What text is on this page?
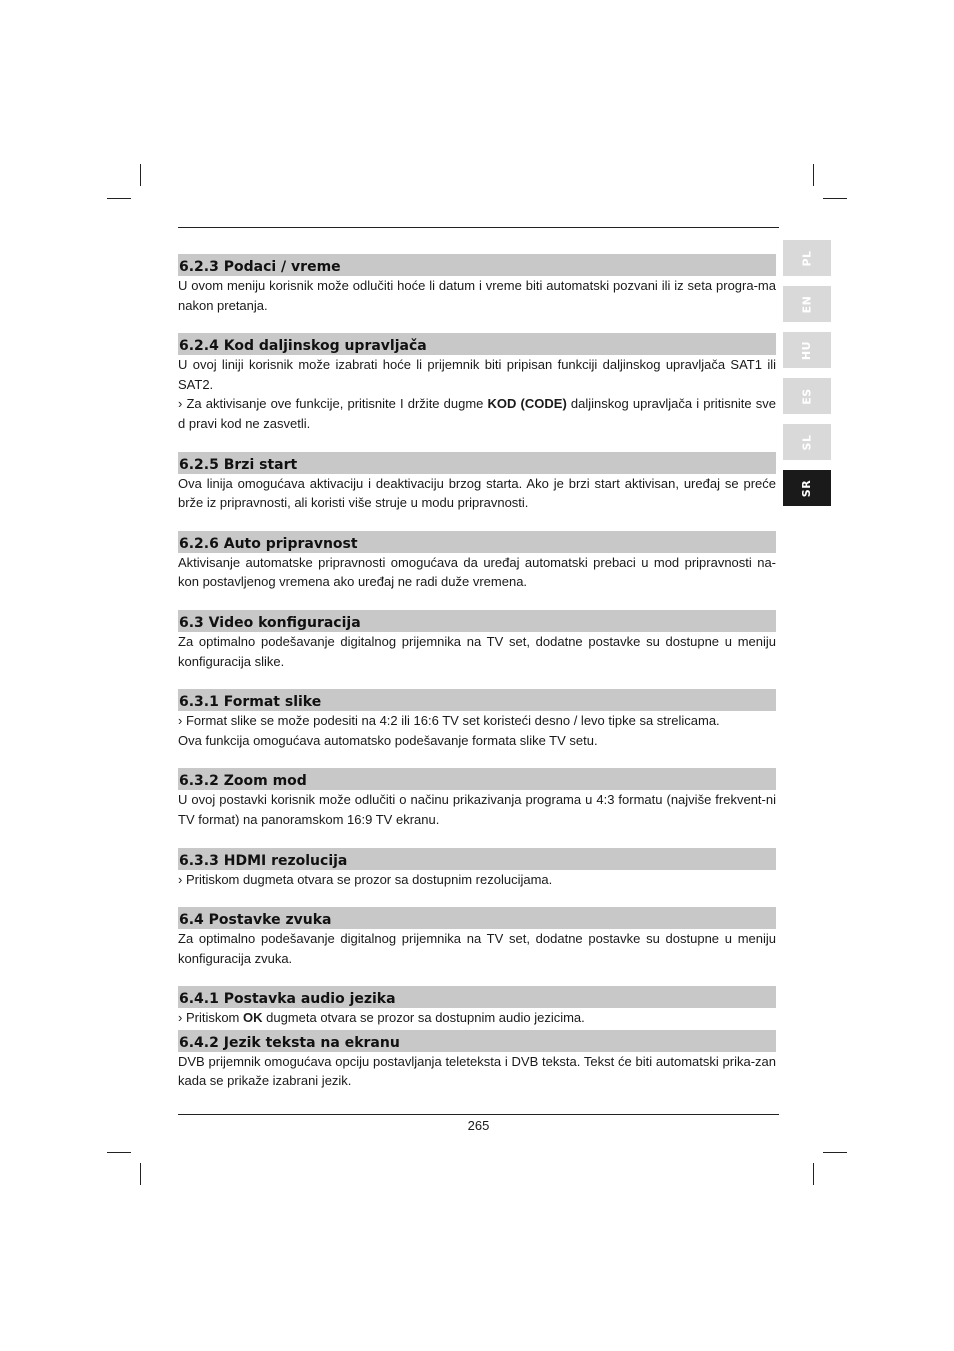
PL
EN
HU
ES
SL
SR
6.2.3 Podaci / vreme

U ovom meniju korisnik može odlučiti hoće li datum i vreme biti automatski pozvani ili iz seta progra-ma nakon pretanja.

6.2.4 Kod daljinskog upravljača

U ovoj liniji korisnik može izabrati hoće li prijemnik biti pripisan funkciji daljinskog upravljača SAT1 ili SAT2.

› Za aktivisanje ove funkcije, pritisnite I držite dugme KOD (CODE) daljinskog upravljača i pritisnite sve d pravi kod ne zasvetli.

6.2.5 Brzi start

Ova linija omogućava aktivaciju i deaktivaciju brzog starta. Ako je brzi start aktivisan, uređaj se preće brže iz pripravnosti, ali koristi više struje u modu pripravnosti.

6.2.6 Auto pripravnost

Aktivisanje automatske pripravnosti omogućava da uređaj automatski prebaci u mod pripravnosti na-kon postavljenog vremena ako uređaj ne radi duže vremena.

6.3 Video konfiguracija

Za optimalno podešavanje digitalnog prijemnika na TV set, dodatne postavke su dostupne u meniju konfiguracija slike.

6.3.1 Format slike

› Format slike se može podesiti na 4:2 ili 16:6 TV set koristeći desno / levo tipke sa strelicama.

Ova funkcija omogućava automatsko podešavanje formata slike TV setu.

6.3.2 Zoom mod

U ovoj postavki korisnik može odlučiti o načinu prikazivanja programa u 4:3 formatu (najviše frekvent-ni TV format) na panoramskom 16:9 TV ekranu.

6.3.3 HDMI rezolucija

› Pritiskom dugmeta otvara se prozor sa dostupnim rezolucijama.

6.4 Postavke zvuka

Za optimalno podešavanje digitalnog prijemnika na TV set, dodatne postavke su dostupne u meniju konfiguracija zvuka.

6.4.1 Postavka audio jezika

› Pritiskom OK dugmeta otvara se prozor sa dostupnim audio jezicima.

6.4.2 Jezik teksta na ekranu

DVB prijemnik omogućava opciju postavljanja teleteksta i DVB teksta. Tekst će biti automatski prika-zan kada se prikaže izabrani jezik.

265
